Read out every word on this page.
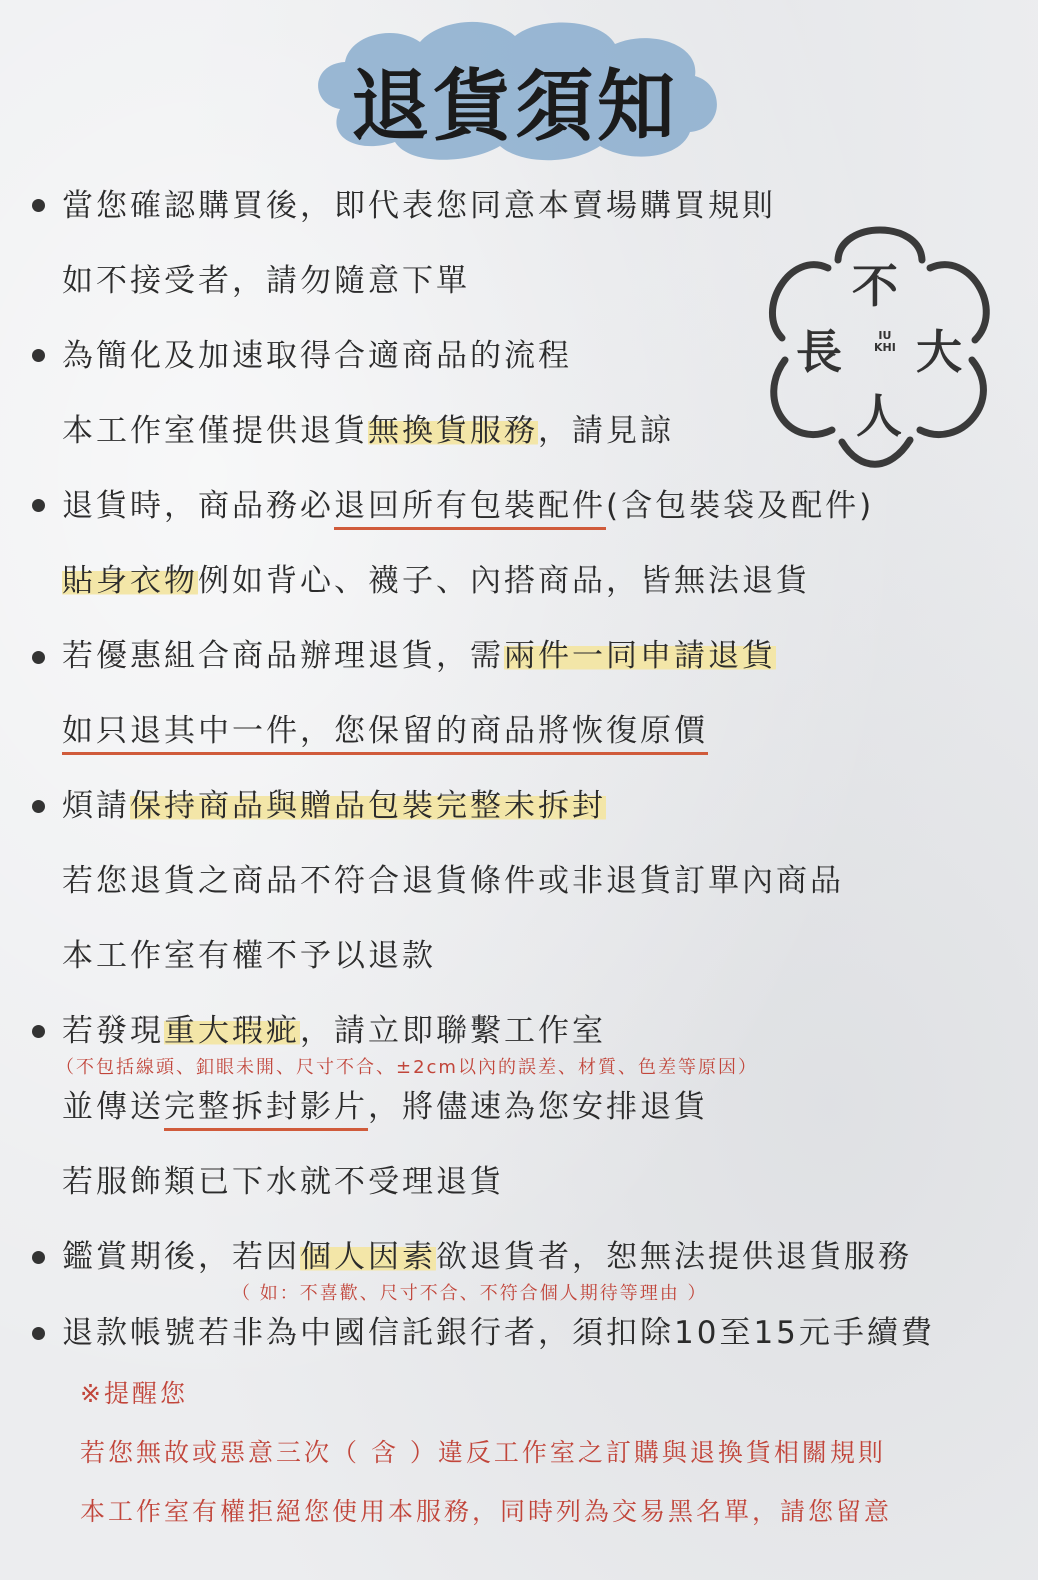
退貨須知
不
長 大
人
IU
KHI
當您確認購買後，即代表您同意本賣場購買規則
如不接受者，請勿隨意下單
為簡化及加速取得合適商品的流程
本工作室僅提供退貨無換貨服務，請見諒
退貨時，商品務必退回所有包裝配件(含包裝袋及配件)
貼身衣物例如背心、襪子、內搭商品，皆無法退貨
若優惠組合商品辦理退貨，需兩件一同申請退貨
如只退其中一件，您保留的商品將恢復原價
煩請保持商品與贈品包裝完整未拆封
若您退貨之商品不符合退貨條件或非退貨訂單內商品
本工作室有權不予以退款
若發現重大瑕疵，請立即聯繫工作室
（不包括線頭、釦眼未開、尺寸不合、±2cm以內的誤差、材質、色差等原因）
並傳送完整拆封影片，將儘速為您安排退貨
若服飾類已下水就不受理退貨
鑑賞期後，若因個人因素欲退貨者，恕無法提供退貨服務
（ 如：不喜歡、尺寸不合、不符合個人期待等理由 ）
退款帳號若非為中國信託銀行者，須扣除10至15元手續費
※提醒您
若您無故或惡意三次（ 含 ）違反工作室之訂購與退換貨相關規則
本工作室有權拒絕您使用本服務，同時列為交易黑名單，請您留意
